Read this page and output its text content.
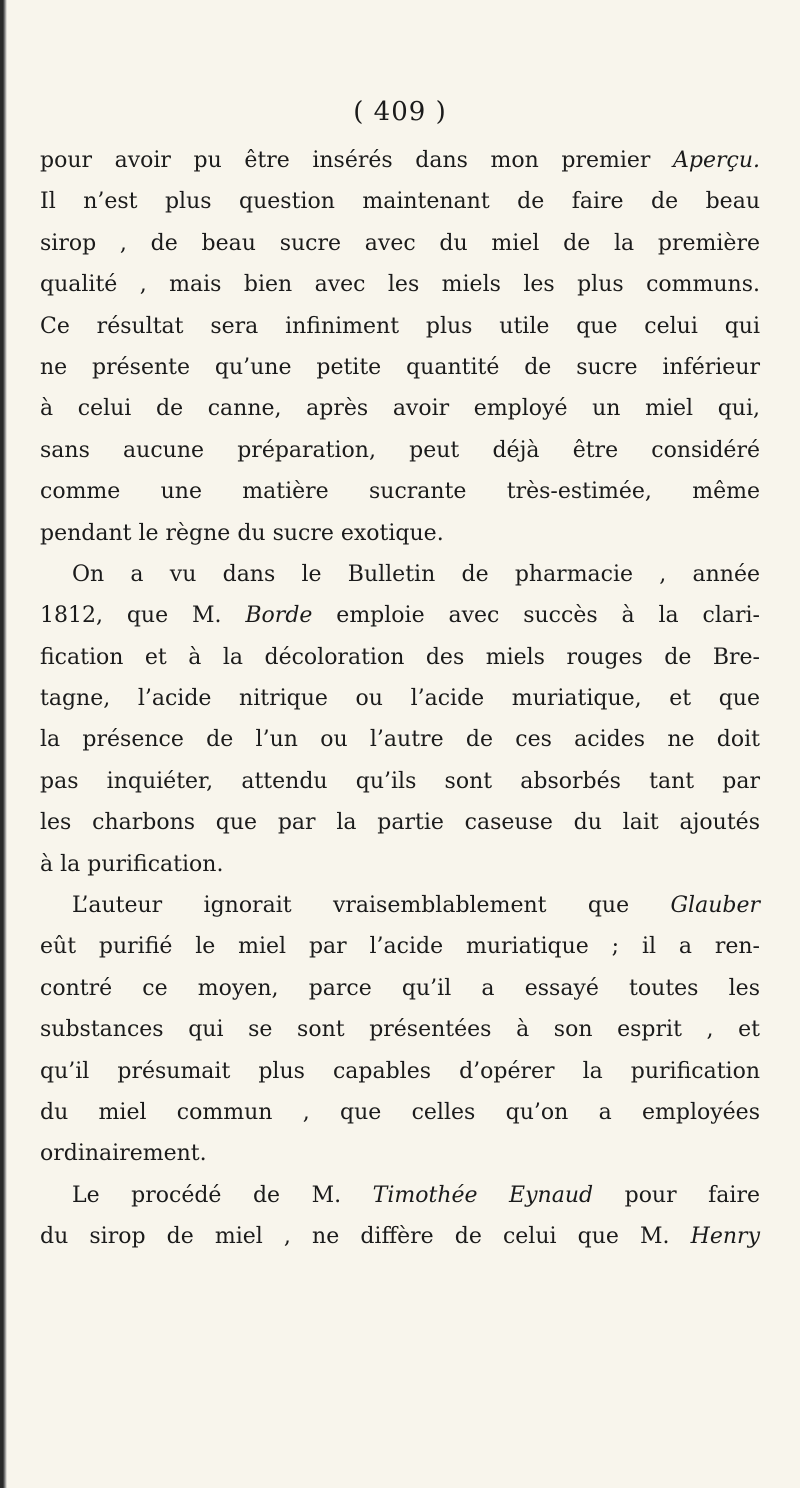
( 409 )
pour avoir pu être insérés dans mon premier Aperçu.
Il n’est plus question maintenant de faire de beau
sirop , de beau sucre avec du miel de la première
qualité , mais bien avec les miels les plus communs.
Ce résultat sera infiniment plus utile que celui qui
ne présente qu’une petite quantité de sucre inférieur
à celui de canne, après avoir employé un miel qui,
sans aucune préparation, peut déjà être considéré
comme une matière sucrante très-estimée, même
pendant le règne du sucre exotique.
On a vu dans le Bulletin de pharmacie , année
1812, que M. Borde emploie avec succès à la clari-
fication et à la décoloration des miels rouges de Bre-
tagne, l’acide nitrique ou l’acide muriatique, et que
la présence de l’un ou l’autre de ces acides ne doit
pas inquiéter, attendu qu’ils sont absorbés tant par
les charbons que par la partie caseuse du lait ajoutés
à la purification.
L’auteur ignorait vraisemblablement que Glauber
eût purifié le miel par l’acide muriatique ; il a ren-
contré ce moyen, parce qu’il a essayé toutes les
substances qui se sont présentées à son esprit , et
qu’il présumait plus capables d’opérer la purification
du miel commun , que celles qu’on a employées
ordinairement.
Le procédé de M. Timothée Eynaud pour faire
du sirop de miel , ne diffère de celui que M. Henry
